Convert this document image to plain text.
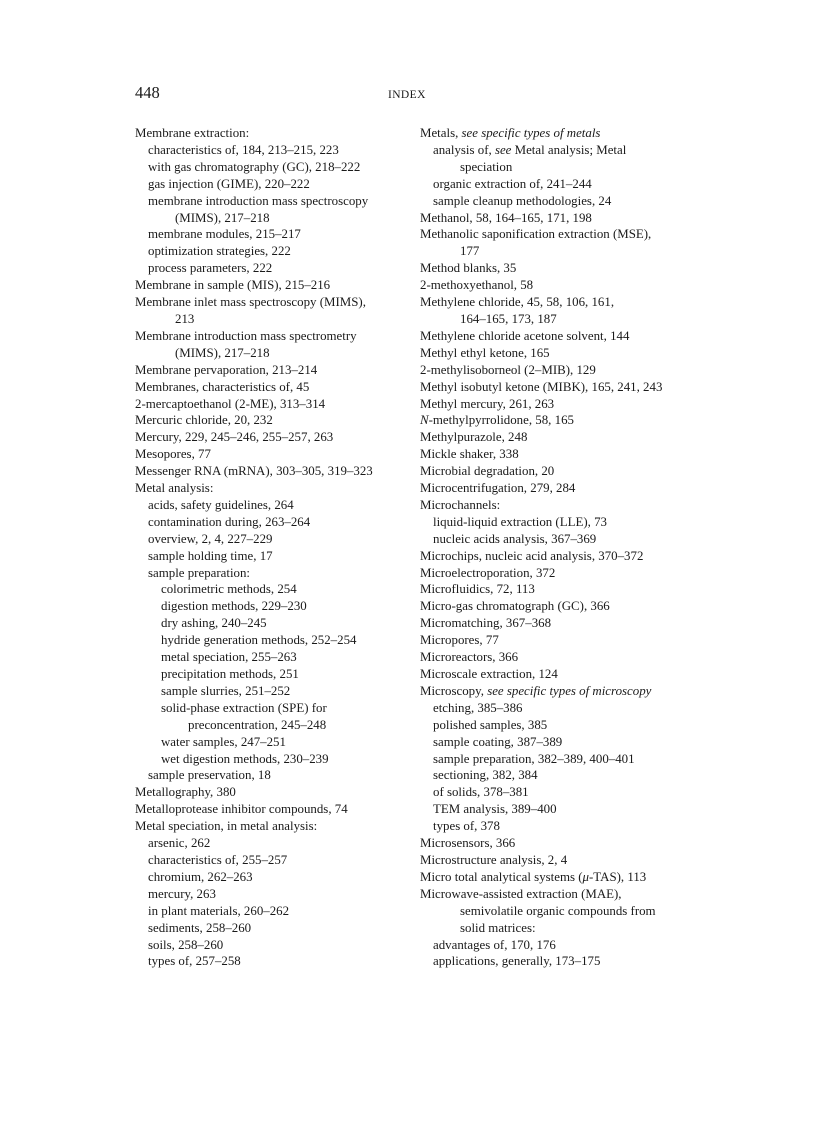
448	INDEX
Membrane extraction:
characteristics of, 184, 213–215, 223
with gas chromatography (GC), 218–222
gas injection (GIME), 220–222
membrane introduction mass spectroscopy
(MIMS), 217–218
membrane modules, 215–217
optimization strategies, 222
process parameters, 222
Membrane in sample (MIS), 215–216
Membrane inlet mass spectroscopy (MIMS),
213
Membrane introduction mass spectrometry
(MIMS), 217–218
Membrane pervaporation, 213–214
Membranes, characteristics of, 45
2-mercaptoethanol (2-ME), 313–314
Mercuric chloride, 20, 232
Mercury, 229, 245–246, 255–257, 263
Mesopores, 77
Messenger RNA (mRNA), 303–305, 319–323
Metal analysis:
acids, safety guidelines, 264
contamination during, 263–264
overview, 2, 4, 227–229
sample holding time, 17
sample preparation:
colorimetric methods, 254
digestion methods, 229–230
dry ashing, 240–245
hydride generation methods, 252–254
metal speciation, 255–263
precipitation methods, 251
sample slurries, 251–252
solid-phase extraction (SPE) for
preconcentration, 245–248
water samples, 247–251
wet digestion methods, 230–239
sample preservation, 18
Metallography, 380
Metalloprotease inhibitor compounds, 74
Metal speciation, in metal analysis:
arsenic, 262
characteristics of, 255–257
chromium, 262–263
mercury, 263
in plant materials, 260–262
sediments, 258–260
soils, 258–260
types of, 257–258
Metals, see specific types of metals
analysis of, see Metal analysis; Metal
speciation
organic extraction of, 241–244
sample cleanup methodologies, 24
Methanol, 58, 164–165, 171, 198
Methanolic saponification extraction (MSE),
177
Method blanks, 35
2-methoxyethanol, 58
Methylene chloride, 45, 58, 106, 161,
164–165, 173, 187
Methylene chloride acetone solvent, 144
Methyl ethyl ketone, 165
2-methylisoborneol (2–MIB), 129
Methyl isobutyl ketone (MIBK), 165, 241, 243
Methyl mercury, 261, 263
N-methylpyrrolidone, 58, 165
Methylpurazole, 248
Mickle shaker, 338
Microbial degradation, 20
Microcentrifugation, 279, 284
Microchannels:
liquid-liquid extraction (LLE), 73
nucleic acids analysis, 367–369
Microchips, nucleic acid analysis, 370–372
Microelectroporation, 372
Microfluidics, 72, 113
Micro-gas chromatograph (GC), 366
Micromatching, 367–368
Micropores, 77
Microreactors, 366
Microscale extraction, 124
Microscopy, see specific types of microscopy
etching, 385–386
polished samples, 385
sample coating, 387–389
sample preparation, 382–389, 400–401
sectioning, 382, 384
of solids, 378–381
TEM analysis, 389–400
types of, 378
Microsensors, 366
Microstructure analysis, 2, 4
Micro total analytical systems (μ-TAS), 113
Microwave-assisted extraction (MAE),
semivolatile organic compounds from
solid matrices:
advantages of, 170, 176
applications, generally, 173–175
